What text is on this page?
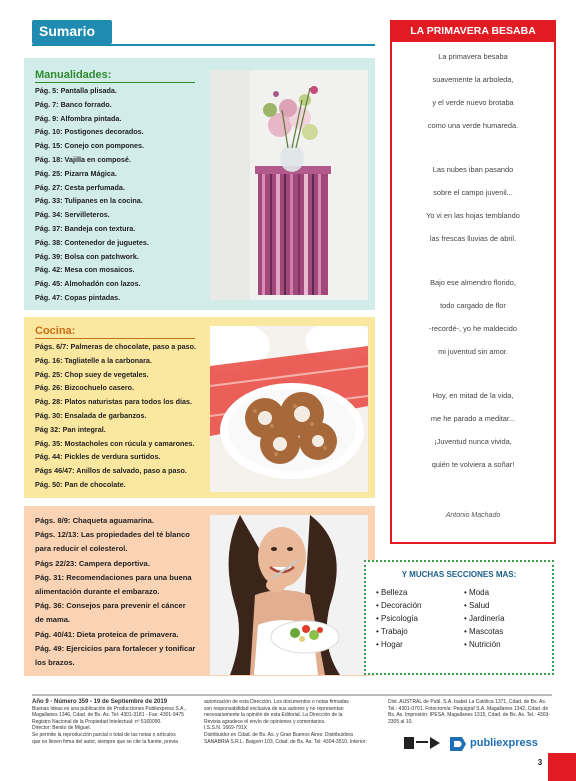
Sumario
Manualidades:
Pág. 5: Pantalla plisada.
Pág. 7: Banco forrado.
Pág. 9: Alfombra pintada.
Pág. 10: Postigones decorados.
Pág. 15: Conejo con pompones.
Pág. 18: Vajilla en composé.
Pág. 25: Pizarra Mágica.
Pág. 27: Cesta perfumada.
Pág. 33: Tulipanes en la cocina.
Pág. 34: Servilleteros.
Pág. 37: Bandeja con textura.
Pág. 38: Contenedor de juguetes.
Pág. 39: Bolsa con patchwork.
Pág. 42: Mesa con mosaicos.
Pág. 45: Almohadón con lazos.
Pág. 47: Copas pintadas.
Cocina:
Págs. 6/7: Palmeras de chocolate, paso a paso.
Pág. 16: Tagliatelle a la carbonara.
Pág. 25: Chop suey de vegetales.
Pág. 26: Bizcochuelo casero.
Pág. 28: Platos naturistas para todos los días.
Pág. 30: Ensalada de garbanzos.
Pág 32: Pan integral.
Pág. 35: Mostacholes con rúcula y camarones.
Pág. 44: Pickles de verdura surtidos.
Págs 46/47: Anillos de salvado, paso a paso.
Pág. 50: Pan de chocolate.
Págs. 8/9: Chaqueta aguamarina.
Págs. 12/13: Las propiedades del té blanco
para reducir el colesterol.
Págs 22/23: Campera deportiva.
Pág. 31: Recomendaciones para una buena
alimentación durante el embarazo.
Pág. 36: Consejos para prevenir el cáncer
de mama.
Pág. 40/41: Dieta proteica de primavera.
Pág. 49: Ejercicios para fortalecer y tonificar
los brazos.
LA PRIMAVERA BESABA
La primavera besaba
suavemente la arboleda,
y el verde nuevo brotaba
como una verde humareda.
Las nubes iban pasando
sobre el campo juvenil...
Yo vi en las hojas temblando
las frescas lluvias de abril.
Bajo ese almendro florido,
todo cargado de flor
-recordé-, yo he maldecido
mi juventud sin amor.
Hoy, en mitad de la vida,
me he parado a meditar...
¡Juventud nunca vivida,
quién te volviera a soñar!
Antonio Machado
Y MUCHAS SECCIONES MAS:
• Belleza	• Moda
• Decoración	• Salud
• Psicología	• Jardinería
• Trabajo	• Mascotas
• Hogar	• Nutrición
Año 9 - Número 359 - 19 de Septiembre de 2019
Buenas Ideas es una publicación de Producciones Publiexpress S.A.,
Magallanes 1346, Cdad. de Bs. As. Tel: 4301-3181 - Fax: 4301-9475
Registro Nacional de la Propiedad Intelectual: nº 5160090.
Director: Benito de Miguel.
Se permite la reproducción parcial o total de las notas o artículos
que no lleven firma del autor, siempre que se cite la fuente, previa
autorización de esta Dirección. Los documentos o notas firmadas
son responsabilidad exclusiva de sus autores y no representan
necesariamente la opinión de esta Editorial. La Dirección de la
Revista agradece el envío de opiniones y comentarios.
I.S.S.N. 1669-791X
Distribuidor en Cdad. de Bs. As. y Gran Buenos Aires: Distribuidora
SANABRIA S.R.L. Baigorri 103, Cdad. de Bs. As. Tel: 4304-3510. Interior:
Dist. AUSTRAL de Publ. S.A. Isabel La Católica 1371, Cdad. de Bs. As.
Tel.: 4301-0701. Fotocromía: Pequigraf S.A. Magallanes 1342, Cdad. de
Bs. As. Impresión: IPESA, Magallanes 1315, Cdad. de Bs. As. Tel.: 4303-
2305 al 10.
publiexpress
3
